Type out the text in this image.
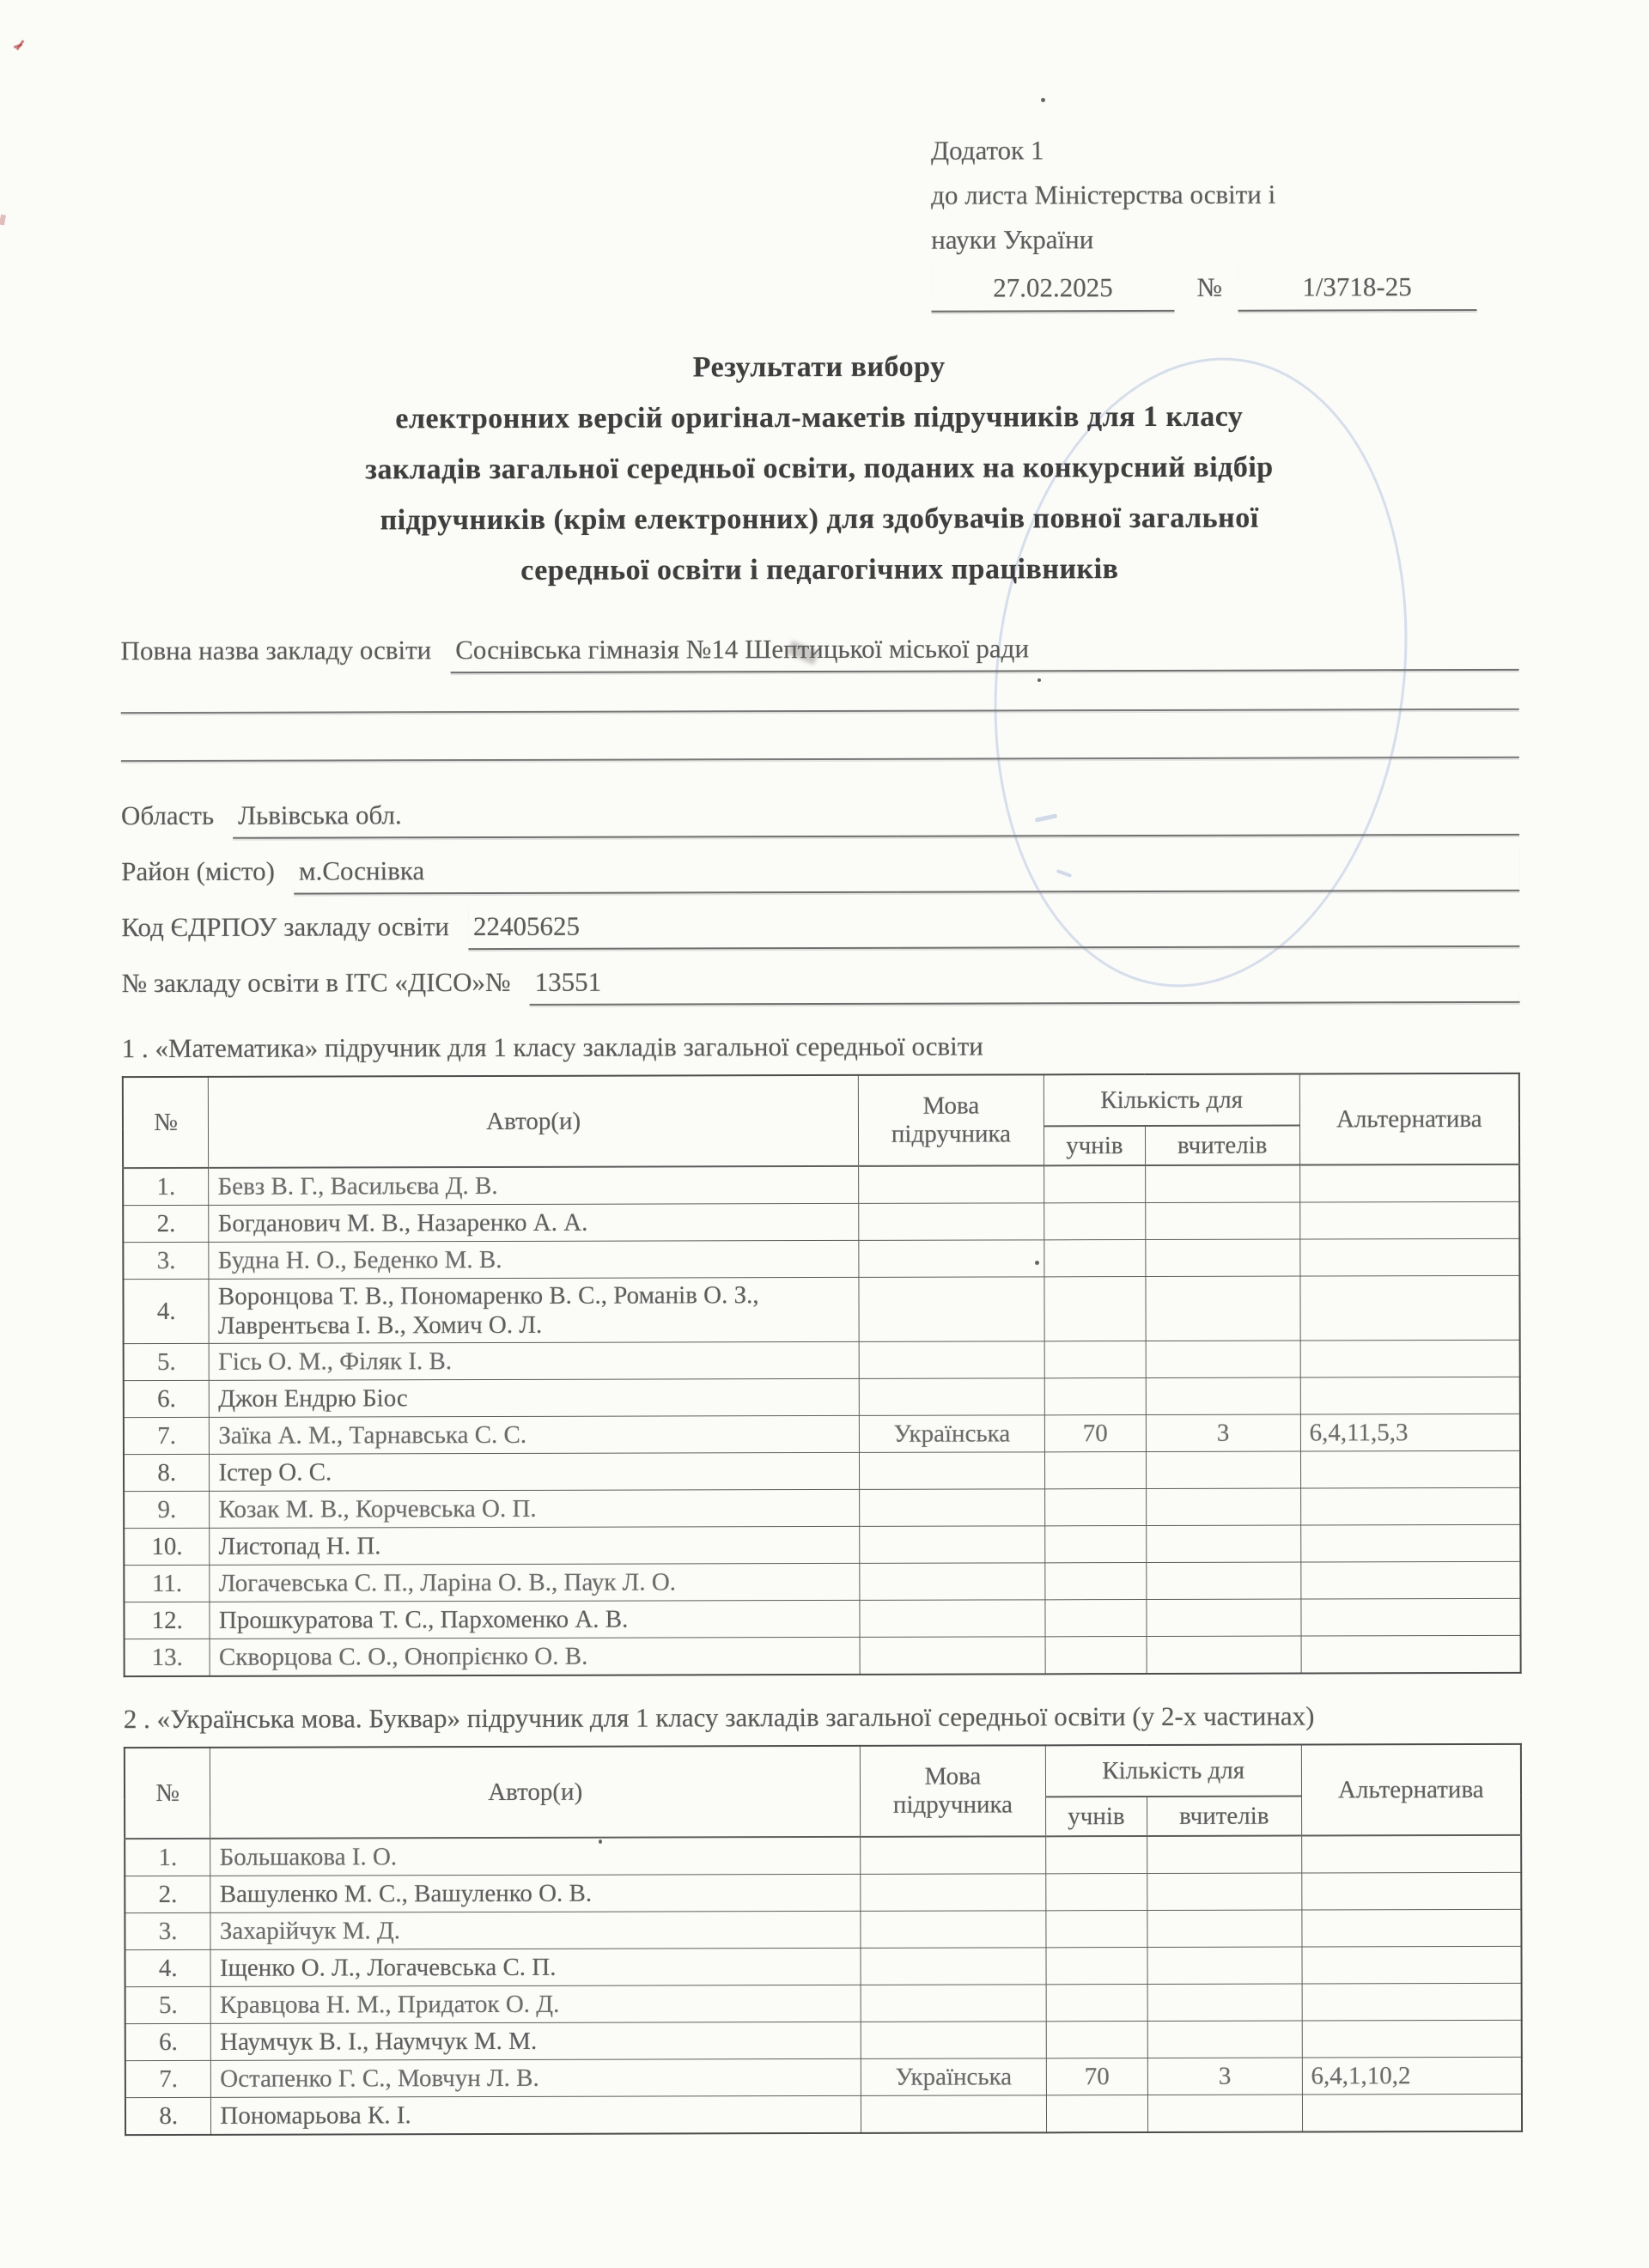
Додаток 1
до листа Міністерства освіти і
науки України
27.02.2025	№	1/3718-25
Результати вибору
електронних версій оригінал-макетів підручників для 1 класу
закладів загальної середньої освіти, поданих на конкурсний відбір
підручників (крім електронних) для здобувачів повної загальної
середньої освіти і педагогічних працівників
Повна назва закладу освіти Соснівська гімназія №14 Шептицької міської ради
Область Львівська обл.
Район (місто) м.Соснівка
Код ЄДРПОУ закладу освіти 22405625
№ закладу освіти в ІТС «ДІСО»№ 13551
1 . «Математика» підручник для 1 класу закладів загальної середньої освіти
№	Автор(и)	Мова підручника	Кількість для		Альтернатива
			учнів	вчителів	
1.	Бевз В. Г., Васильєва Д. В.				
2.	Богданович М. В., Назаренко А. А.				
3.	Будна Н. О., Беденко М. В.				
4.	Воронцова Т. В., Пономаренко В. С., Романів О. З., Лаврентьєва І. В., Хомич О. Л.				
5.	Гісь О. М., Філяк І. В.				
6.	Джон Ендрю Біос				
7.	Заїка А. М., Тарнавська С. С.	Українська	70	3	6,4,11,5,3
8.	Істер О. С.				
9.	Козак М. В., Корчевська О. П.				
10.	Листопад Н. П.				
11.	Логачевська С. П., Ларіна О. В., Паук Л. О.				
12.	Прошкуратова Т. С., Пархоменко А. В.				
13.	Скворцова С. О., Онопрієнко О. В.				
2 . «Українська мова. Буквар» підручник для 1 класу закладів загальної середньої освіти (у 2-х частинах)
№	Автор(и)	Мова підручника	Кількість для		Альтернатива
			учнів	вчителів	
1.	Большакова І. О.				
2.	Вашуленко М. С., Вашуленко О. В.				
3.	Захарійчук М. Д.				
4.	Іщенко О. Л., Логачевська С. П.				
5.	Кравцова Н. М., Придаток О. Д.				
6.	Наумчук В. І., Наумчук М. М.				
7.	Остапенко Г. С., Мовчун Л. В.	Українська	70	3	6,4,1,10,2
8.	Пономарьова К. І.				
